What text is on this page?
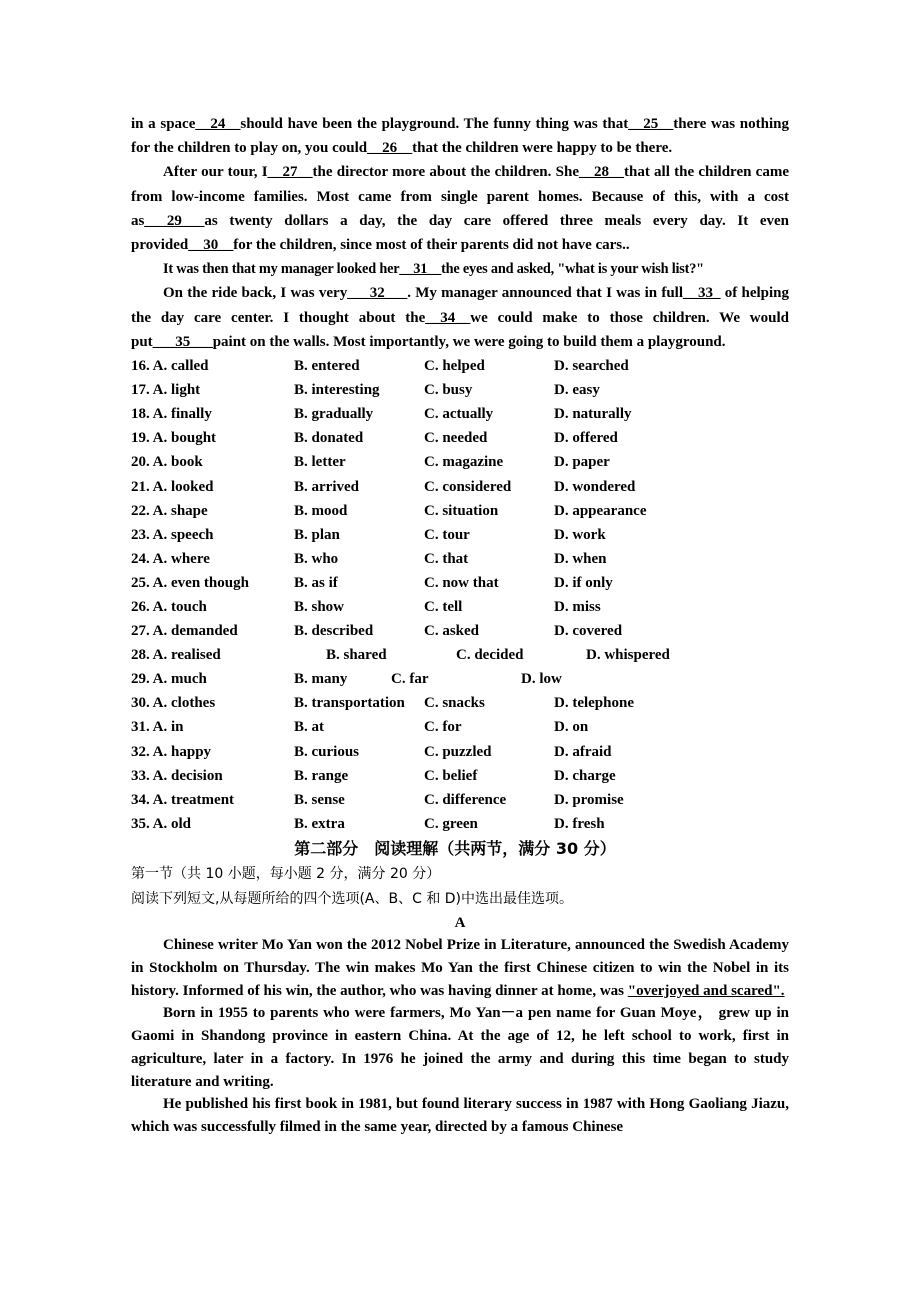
in a space__24__should have been the playground. The funny thing was that__25__there was nothing for the children to play on, you could__26__that the children were happy to be there.

After our tour, I__27__the director more about the children. She__28__that all the children came from low-income families. Most came from single parent homes. Because of this, with a cost as___29___as twenty dollars a day, the day care offered three meals every day. It even provided__30__for the children, since most of their parents did not have cars..

It was then that my manager looked her__31__the eyes and asked, "what is your wish list?"

On the ride back, I was very___32___. My manager announced that I was in full__33_ of helping the day care center. I thought about the__34__we could make to those children. We would put___35___paint on the walls. Most importantly, we were going to build them a playground.

16. A. called	B. entered	C. helped	D. searched
17. A. light	B. interesting	C. busy	D. easy
18. A. finally	B. gradually	C. actually	D. naturally
19. A. bought	B. donated	C. needed	D. offered
20. A. book	B. letter	C. magazine	D. paper
21. A. looked	B. arrived	C. considered	D. wondered
22. A. shape	B. mood	C. situation	D. appearance
23. A. speech	B. plan	C. tour	D. work
24. A. where	B. who	C. that	D. when
25. A. even though	B. as if	C. now that	D. if only
26. A. touch	B. show	C. tell	D. miss
27. A. demanded	B. described	C. asked	D. covered
28. A. realised	B. shared	C. decided	D. whispered
29. A. much	B. many	C. far	D. low
30. A. clothes	B. transportation	C. snacks	D. telephone
31. A. in	B. at	C. for	D. on
32. A. happy	B. curious	C. puzzled	D. afraid
33. A. decision	B. range	C. belief	D. charge
34. A. treatment	B. sense	C. difference	D. promise
35. A. old	B. extra	C. green	D. fresh
第二部分　阅读理解（共两节，满分 30 分）
第一节（共 10 小题，每小题 2 分，满分 20 分）
阅读下列短文,从每题所给的四个选项(A、B、C 和 D)中选出最佳选项。
A

Chinese writer Mo Yan won the 2012 Nobel Prize in Literature, announced the Swedish Academy in Stockholm on Thursday. The win makes Mo Yan the first Chinese citizen to win the Nobel in its history. Informed of his win, the author, who was having dinner at home, was "overjoyed and scared".

Born in 1955 to parents who were farmers, Mo Yan－a pen name for Guan Moye， grew up in Gaomi in Shandong province in eastern China. At the age of 12, he left school to work, first in agriculture, later in a factory. In 1976 he joined the army and during this time began to study literature and writing.

He published his first book in 1981, but found literary success in 1987 with Hong Gaoliang Jiazu, which was successfully filmed in the same year, directed by a famous Chinese
